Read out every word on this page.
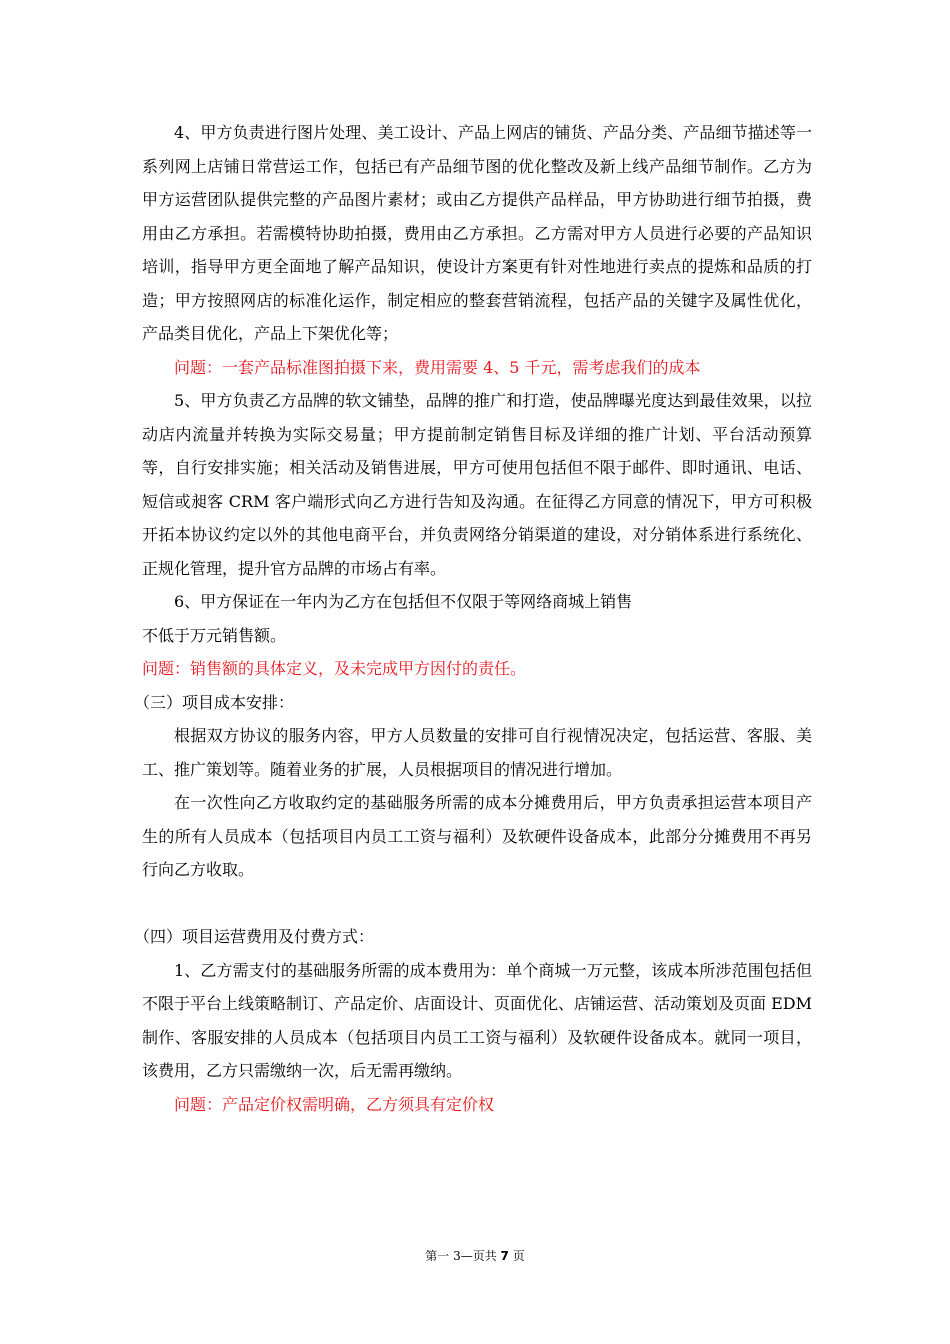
4、甲方负责进行图片处理、美工设计、产品上网店的铺货、产品分类、产品细节描述等一系列网上店铺日常营运工作，包括已有产品细节图的优化整改及新上线产品细节制作。乙方为甲方运营团队提供完整的产品图片素材；或由乙方提供产品样品，甲方协助进行细节拍摄，费用由乙方承担。若需模特协助拍摄，费用由乙方承担。乙方需对甲方人员进行必要的产品知识培训，指导甲方更全面地了解产品知识，使设计方案更有针对性地进行卖点的提炼和品质的打造；甲方按照网店的标准化运作，制定相应的整套营销流程，包括产品的关键字及属性优化，产品类目优化，产品上下架优化等；

问题：一套产品标准图拍摄下来，费用需要 4、5 千元，需考虑我们的成本

5、甲方负责乙方品牌的软文铺垫，品牌的推广和打造，使品牌曝光度达到最佳效果，以拉动店内流量并转换为实际交易量；甲方提前制定销售目标及详细的推广计划、平台活动预算等，自行安排实施；相关活动及销售进展，甲方可使用包括但不限于邮件、即时通讯、电话、短信或昶客 CRM 客户端形式向乙方进行告知及沟通。在征得乙方同意的情况下，甲方可积极开拓本协议约定以外的其他电商平台，并负责网络分销渠道的建设，对分销体系进行系统化、正规化管理，提升官方品牌的市场占有率。

6、甲方保证在一年内为乙方在包括但不仅限于等网络商城上销售

不低于万元销售额。

问题：销售额的具体定义，及未完成甲方因付的责任。

（三）项目成本安排：

根据双方协议的服务内容，甲方人员数量的安排可自行视情况决定，包括运营、客服、美工、推广策划等。随着业务的扩展，人员根据项目的情况进行增加。

在一次性向乙方收取约定的基础服务所需的成本分摊费用后，甲方负责承担运营本项目产生的所有人员成本（包括项目内员工工资与福利）及软硬件设备成本，此部分分摊费用不再另行向乙方收取。

（四）项目运营费用及付费方式：

1、乙方需支付的基础服务所需的成本费用为：单个商城一万元整，该成本所涉范围包括但不限于平台上线策略制订、产品定价、店面设计、页面优化、店铺运营、活动策划及页面 EDM 制作、客服安排的人员成本（包括项目内员工工资与福利）及软硬件设备成本。就同一项目，该费用，乙方只需缴纳一次，后无需再缴纳。

问题：产品定价权需明确，乙方须具有定价权

第一 3—页共 7 页
